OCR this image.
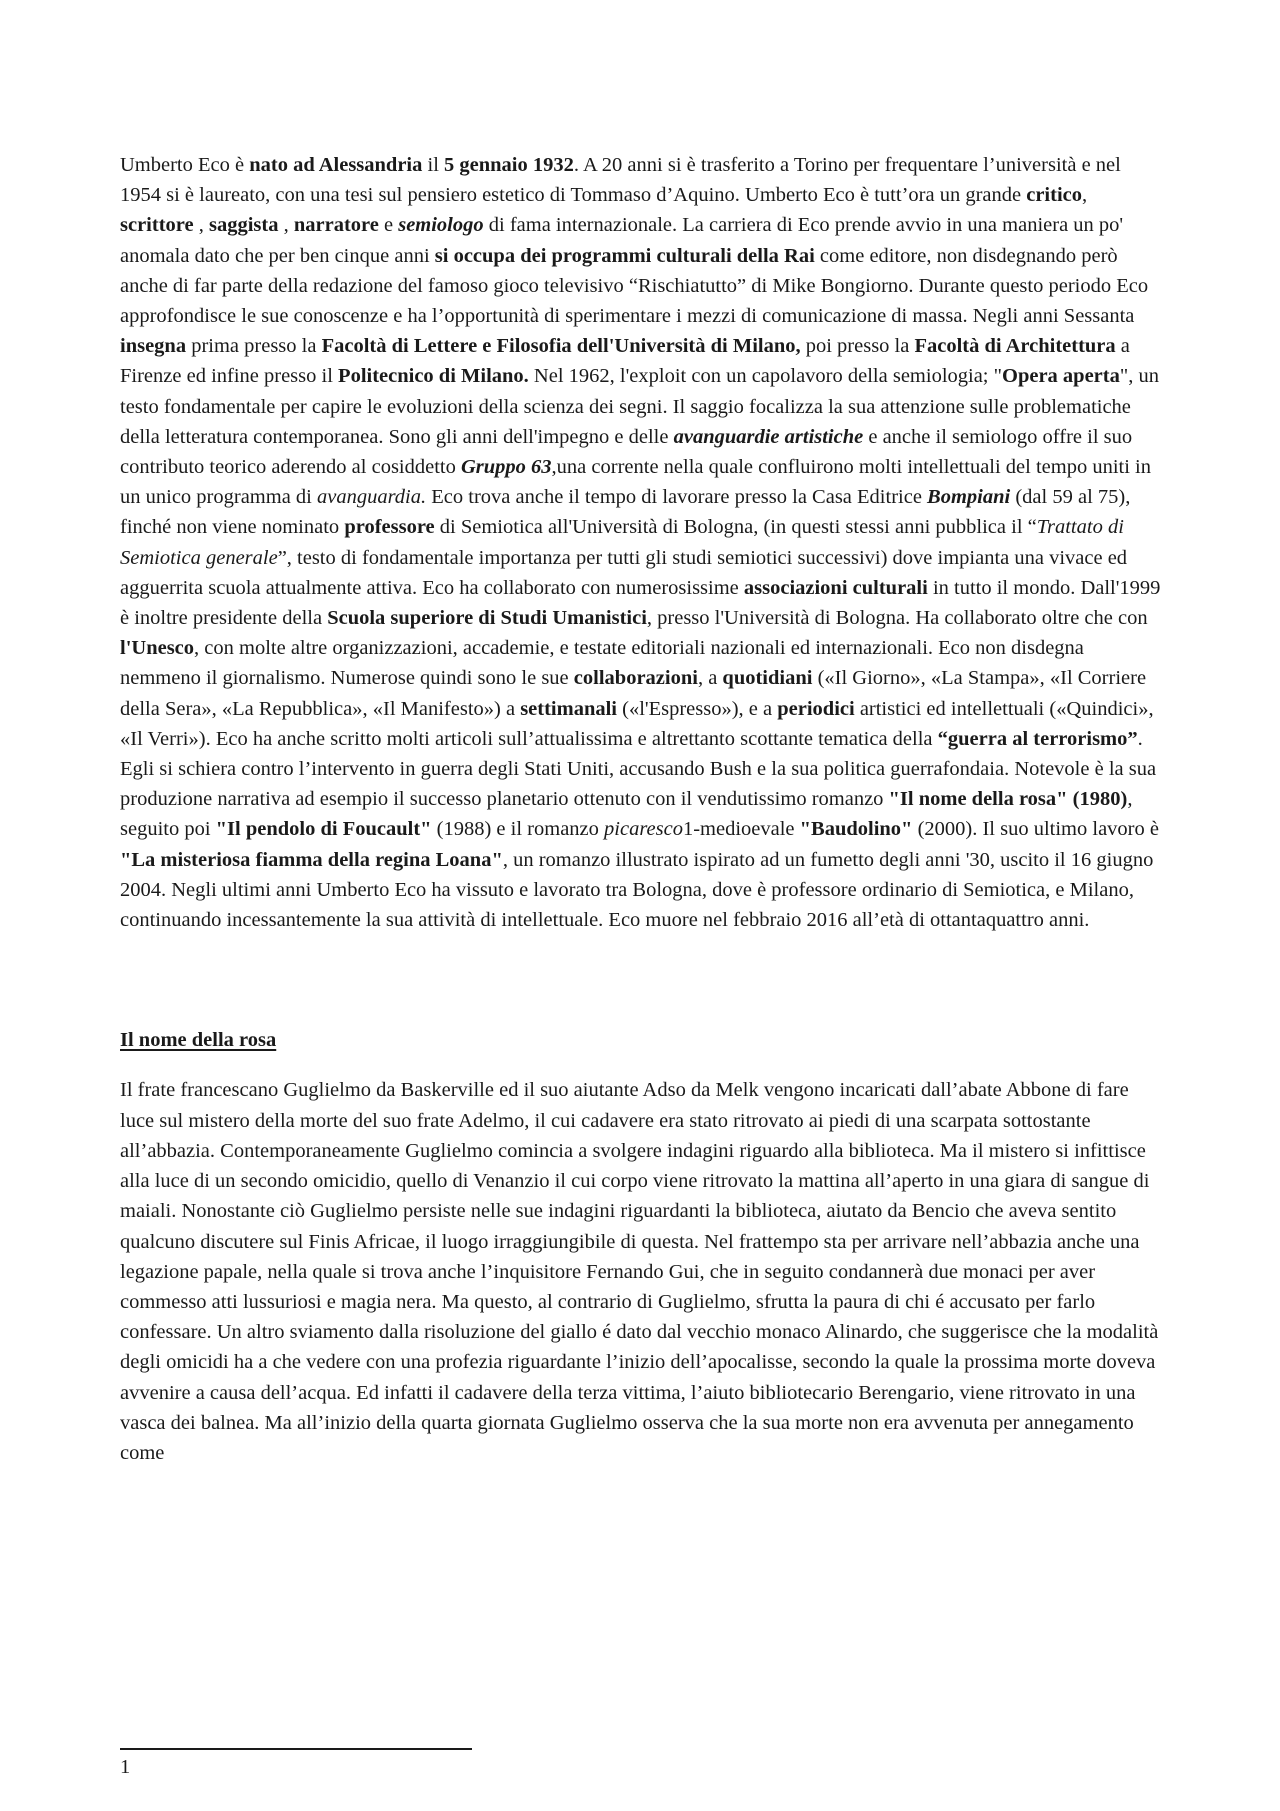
Umberto Eco è nato ad Alessandria il 5 gennaio 1932. A 20 anni si è trasferito a Torino per frequentare l’università e nel 1954 si è laureato, con una tesi sul pensiero estetico di Tommaso d’Aquino. Umberto Eco è tutt’ora un grande critico, scrittore , saggista , narratore e semiologo di fama internazionale. La carriera di Eco prende avvio in una maniera un po' anomala dato che per ben cinque anni si occupa dei programmi culturali della Rai come editore, non disdegnando però anche di far parte della redazione del famoso gioco televisivo “Rischiatutto” di Mike Bongiorno. Durante questo periodo Eco approfondisce le sue conoscenze e ha l’opportunità di sperimentare i mezzi di comunicazione di massa. Negli anni Sessanta insegna prima presso la Facoltà di Lettere e Filosofia dell'Università di Milano, poi presso la Facoltà di Architettura a Firenze ed infine presso il Politecnico di Milano. Nel 1962, l'exploit con un capolavoro della semiologia; "Opera aperta", un testo fondamentale per capire le evoluzioni della scienza dei segni. Il saggio focalizza la sua attenzione sulle problematiche della letteratura contemporanea. Sono gli anni dell'impegno e delle avanguardie artistiche e anche il semiologo offre il suo contributo teorico aderendo al cosiddetto Gruppo 63,una corrente nella quale confluirono molti intellettuali del tempo uniti in un unico programma di avanguardia. Eco trova anche il tempo di lavorare presso la Casa Editrice Bompiani (dal 59 al 75), finché non viene nominato professore di Semiotica all'Università di Bologna, (in questi stessi anni pubblica il “Trattato di Semiotica generale”, testo di fondamentale importanza per tutti gli studi semiotici successivi) dove impianta una vivace ed agguerrita scuola attualmente attiva. Eco ha collaborato con numerosissime associazioni culturali in tutto il mondo. Dall'1999 è inoltre presidente della Scuola superiore di Studi Umanistici, presso l'Università di Bologna. Ha collaborato oltre che con l'Unesco, con molte altre organizzazioni, accademie, e testate editoriali nazionali ed internazionali. Eco non disdegna nemmeno il giornalismo. Numerose quindi sono le sue collaborazioni, a quotidiani («Il Giorno», «La Stampa», «Il Corriere della Sera», «La Repubblica», «Il Manifesto») a settimanali («l'Espresso»), e a periodici artistici ed intellettuali («Quindici», «Il Verri»). Eco ha anche scritto molti articoli sull’attualissima e altrettanto scottante tematica della “guerra al terrorismo”. Egli si schiera contro l’intervento in guerra degli Stati Uniti, accusando Bush e la sua politica guerrafondaia. Notevole è la sua produzione narrativa ad esempio il successo planetario ottenuto con il vendutissimo romanzo "Il nome della rosa" (1980), seguito poi "Il pendolo di Foucault" (1988) e il romanzo picaresco1-medioevale "Baudolino" (2000). Il suo ultimo lavoro è "La misteriosa fiamma della regina Loana", un romanzo illustrato ispirato ad un fumetto degli anni '30, uscito il 16 giugno 2004. Negli ultimi anni Umberto Eco ha vissuto e lavorato tra Bologna, dove è professore ordinario di Semiotica, e Milano, continuando incessantemente la sua attività di intellettuale. Eco muore nel febbraio 2016 all’età di ottantaquattro anni.

Il nome della rosa

Il frate francescano Guglielmo da Baskerville ed il suo aiutante Adso da Melk vengono incaricati dall’abate Abbone di fare luce sul mistero della morte del suo frate Adelmo, il cui cadavere era stato ritrovato ai piedi di una scarpata sottostante all’abbazia. Contemporaneamente Guglielmo comincia a svolgere indagini riguardo alla biblioteca. Ma il mistero si infittisce alla luce di un secondo omicidio, quello di Venanzio il cui corpo viene ritrovato la mattina all’aperto in una giara di sangue di maiali. Nonostante ciò Guglielmo persiste nelle sue indagini riguardanti la biblioteca, aiutato da Bencio che aveva sentito qualcuno discutere sul Finis Africae, il luogo irraggiungibile di questa. Nel frattempo sta per arrivare nell’abbazia anche una legazione papale, nella quale si trova anche l’inquisitore Fernando Gui, che in seguito condannerà due monaci per aver commesso atti lussuriosi e magia nera. Ma questo, al contrario di Guglielmo, sfrutta la paura di chi é accusato per farlo confessare. Un altro sviamento dalla risoluzione del giallo é dato dal vecchio monaco Alinardo, che suggerisce che la modalità degli omicidi ha a che vedere con una profezia riguardante l’inizio dell’apocalisse, secondo la quale la prossima morte doveva avvenire a causa dell’acqua. Ed infatti il cadavere della terza vittima, l’aiuto bibliotecario Berengario, viene ritrovato in una vasca dei balnea. Ma all’inizio della quarta giornata Guglielmo osserva che la sua morte non era avvenuta per annegamento come

1
